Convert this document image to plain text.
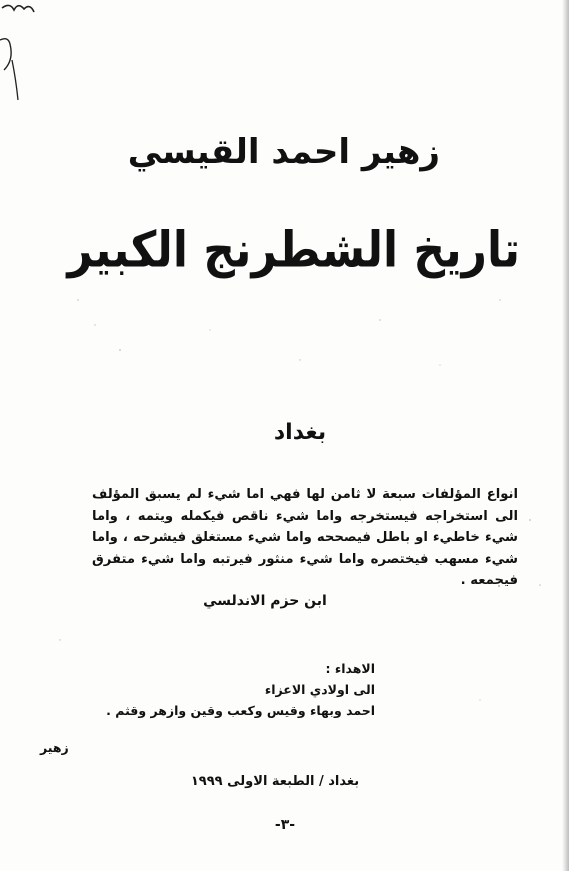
زهير احمد القيسي
تاريخ الشطرنج الكبير
بغداد

انواع المؤلفات سبعة لا ثامن لها فهي اما شيء لم يسبق المؤلف الى استخراجه فيستخرجه واما شيء ناقص فيكمله ويتمه ، واما شيء خاطيء او باطل فيصححه واما شيء مستغلق فيشرحه ، واما شيء مسهب فيختصره واما شيء منثور فيرتبه واما شيء متفرق فيجمعه .

ابن حزم الاندلسي
الاهداء :
الى اولادي الاعزاء
احمد وبهاء وقيس وكعب وقين وازهر وقثم .
زهير
بغداد / الطبعة الاولى ١٩٩٩
-٣-
